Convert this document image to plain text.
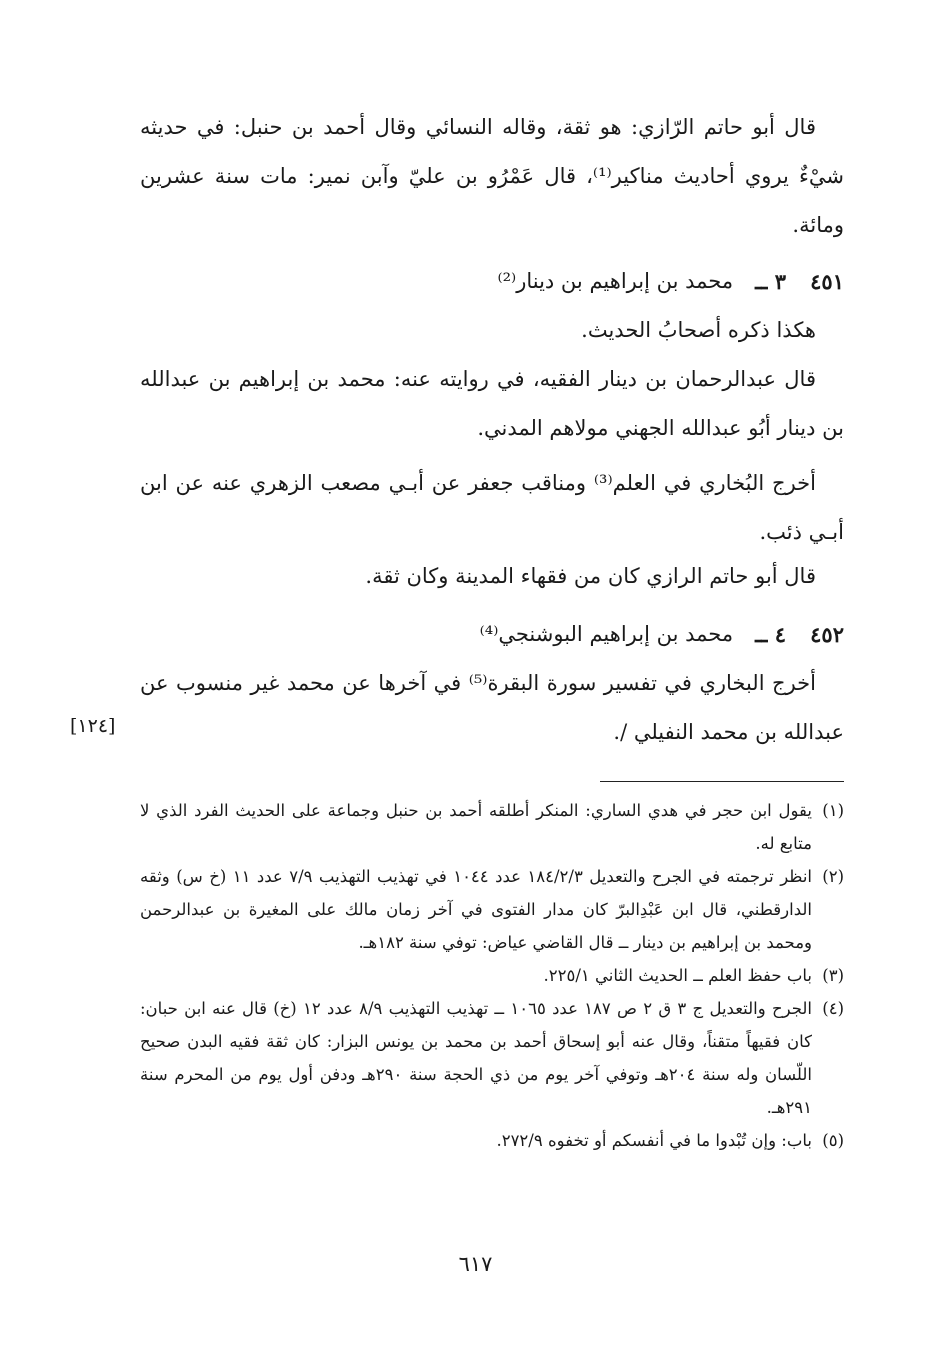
قال أبو حاتم الرّازي: هو ثقة، وقاله النسائي وقال أحمد بن حنبل: في حديثه شيْءٌ يروي أحاديث مناكير⁽¹⁾، قال عَمْرُو بن عليّ وآبن نمير: مات سنة عشرين ومائة.
٤٥١
٣ ــ
محمد بن إبراهيم بن دينار⁽²⁾
هكذا ذكره أصحابُ الحديث.
قال عبدالرحمان بن دينار الفقيه، في روايته عنه: محمد بن إبراهيم بن عبدالله بن دينار أبُو عبدالله الجهني مولاهم المدني.
أخرج البُخاري في العلم⁽³⁾ ومناقب جعفر عن أبـي مصعب الزهري عنه عن ابن أبـي ذئب.
قال أبو حاتم الرازي كان من فقهاء المدينة وكان ثقة.
٤٥٢
٤ ــ
محمد بن إبراهيم البوشنجي⁽⁴⁾
أخرج البخاري في تفسير سورة البقرة⁽⁵⁾ في آخرها عن محمد غير منسوب عن عبدالله بن محمد النفيلي /.
[١٢٤]
(١)
يقول ابن حجر في هدي الساري: المنكر أطلقه أحمد بن حنبل وجماعة على الحديث الفرد الذي لا متابع له.
(٢)
انظر ترجمته في الجرح والتعديل ١٨٤/٢/٣ عدد ١٠٤٤ في تهذيب التهذيب ٧/٩ عدد ١١ (خ س) وثقه الدارقطني، قال ابن عَبْدِالبرّ كان مدار الفتوى في آخر زمان مالك على المغيرة بن عبدالرحمن ومحمد بن إبراهيم بن دينار ــ قال القاضي عياض: توفي سنة ١٨٢هـ.
(٣)
باب حفظ العلم ــ الحديث الثاني ٢٢٥/١.
(٤)
الجرح والتعديل ج ٣ ق ٢ ص ١٨٧ عدد ١٠٦٥ ــ تهذيب التهذيب ٨/٩ عدد ١٢ (خ) قال عنه ابن حبان: كان فقيهاً متقناً، وقال عنه أبو إسحاق أحمد بن محمد بن يونس البزار: كان ثقة فقيه البدن صحيح اللّسان وله سنة ٢٠٤هـ وتوفي آخر يوم من ذي الحجة سنة ٢٩٠هـ ودفن أول يوم من المحرم سنة ٢٩١هـ.
(٥)
باب: وإن تُبْدوا ما في أنفسكم أو تخفوه ٢٧٢/٩.
٦١٧
